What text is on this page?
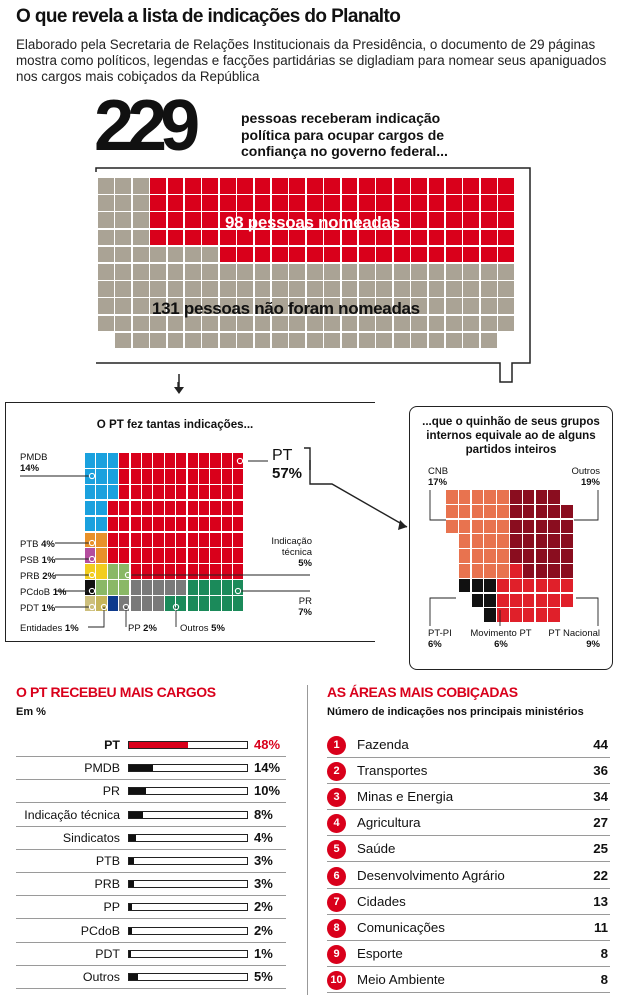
O que revela a lista de indicações do Planalto
Elaborado pela Secretaria de Relações Institucionais da Presidência, o documento de 29 páginas mostra como políticos, legendas e facções partidárias se digladiam para nomear seus apaniguados nos cargos mais cobiçados da República
229	pessoas receberam indicação política para ocupar cargos de confiança no governo federal...
98 pessoas nomeadas
131 pessoas não foram nomeadas
O PT fez tantas indicações...
PMDB
14%
PTB 4%
PSB 1%
PRB 2%
PCdoB 1%
PDT 1%
Entidades 1%	PP 2% Outros 5%
Indicação técnica
5%
PR
7%
PT
57%
...que o quinhão de seus grupos internos equivale ao de alguns partidos inteiros
CNB
17%
Outros
19%
PT-PI
6%
Movimento PT
6%
PT Nacional
9%
O PT RECEBEU MAIS CARGOS
Em %
PT	48%
PMDB	14%
PR	10%
Indicação técnica	8%
Sindicatos	4%
PTB	3%
PRB	3%
PP	2%
PCdoB	2%
PDT	1%
Outros	5%
AS ÁREAS MAIS COBIÇADAS
Número de indicações nos principais ministérios
1	Fazenda	44
2	Transportes	36
3	Minas e Energia	34
4	Agricultura	27
5	Saúde	25
6	Desenvolvimento Agrário	22
7	Cidades	13
8	Comunicações	11
9	Esporte	8
10 Meio Ambiente	8
